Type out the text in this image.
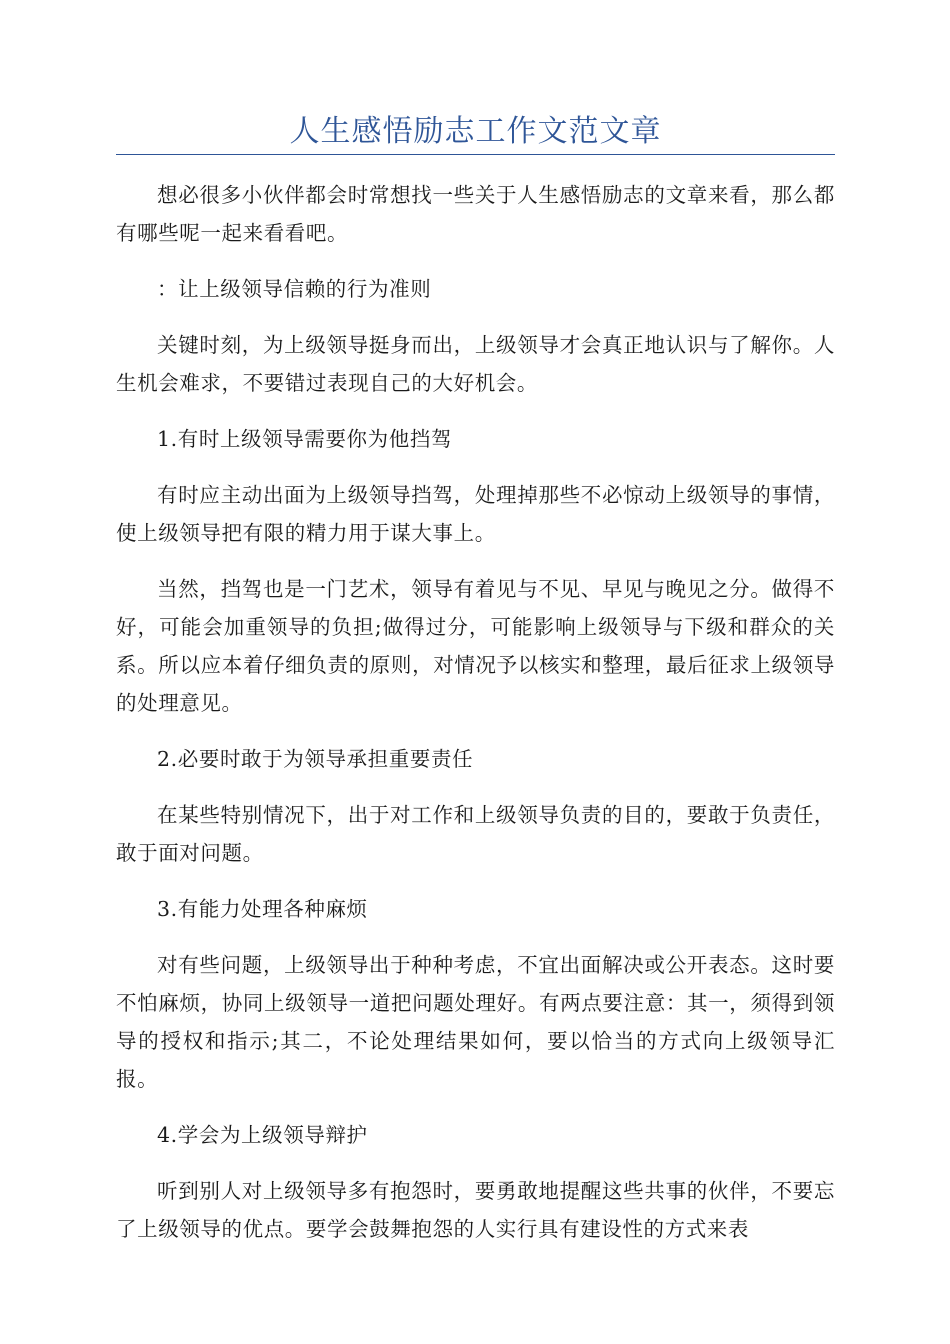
人生感悟励志工作文范文章

想必很多小伙伴都会时常想找一些关于人生感悟励志的文章来看，那么都有哪些呢一起来看看吧。

：让上级领导信赖的行为准则

关键时刻，为上级领导挺身而出，上级领导才会真正地认识与了解你。人生机会难求，不要错过表现自己的大好机会。

1.有时上级领导需要你为他挡驾

有时应主动出面为上级领导挡驾，处理掉那些不必惊动上级领导的事情，使上级领导把有限的精力用于谋大事上。

当然，挡驾也是一门艺术，领导有着见与不见、早见与晚见之分。做得不好，可能会加重领导的负担;做得过分，可能影响上级领导与下级和群众的关系。所以应本着仔细负责的原则，对情况予以核实和整理，最后征求上级领导的处理意见。

2.必要时敢于为领导承担重要责任

在某些特别情况下，出于对工作和上级领导负责的目的，要敢于负责任，敢于面对问题。

3.有能力处理各种麻烦

对有些问题，上级领导出于种种考虑，不宜出面解决或公开表态。这时要不怕麻烦，协同上级领导一道把问题处理好。有两点要注意：其一，须得到领导的授权和指示;其二，不论处理结果如何，要以恰当的方式向上级领导汇报。

4.学会为上级领导辩护

听到别人对上级领导多有抱怨时，要勇敢地提醒这些共事的伙伴，不要忘了上级领导的优点。要学会鼓舞抱怨的人实行具有建设性的方式来表
